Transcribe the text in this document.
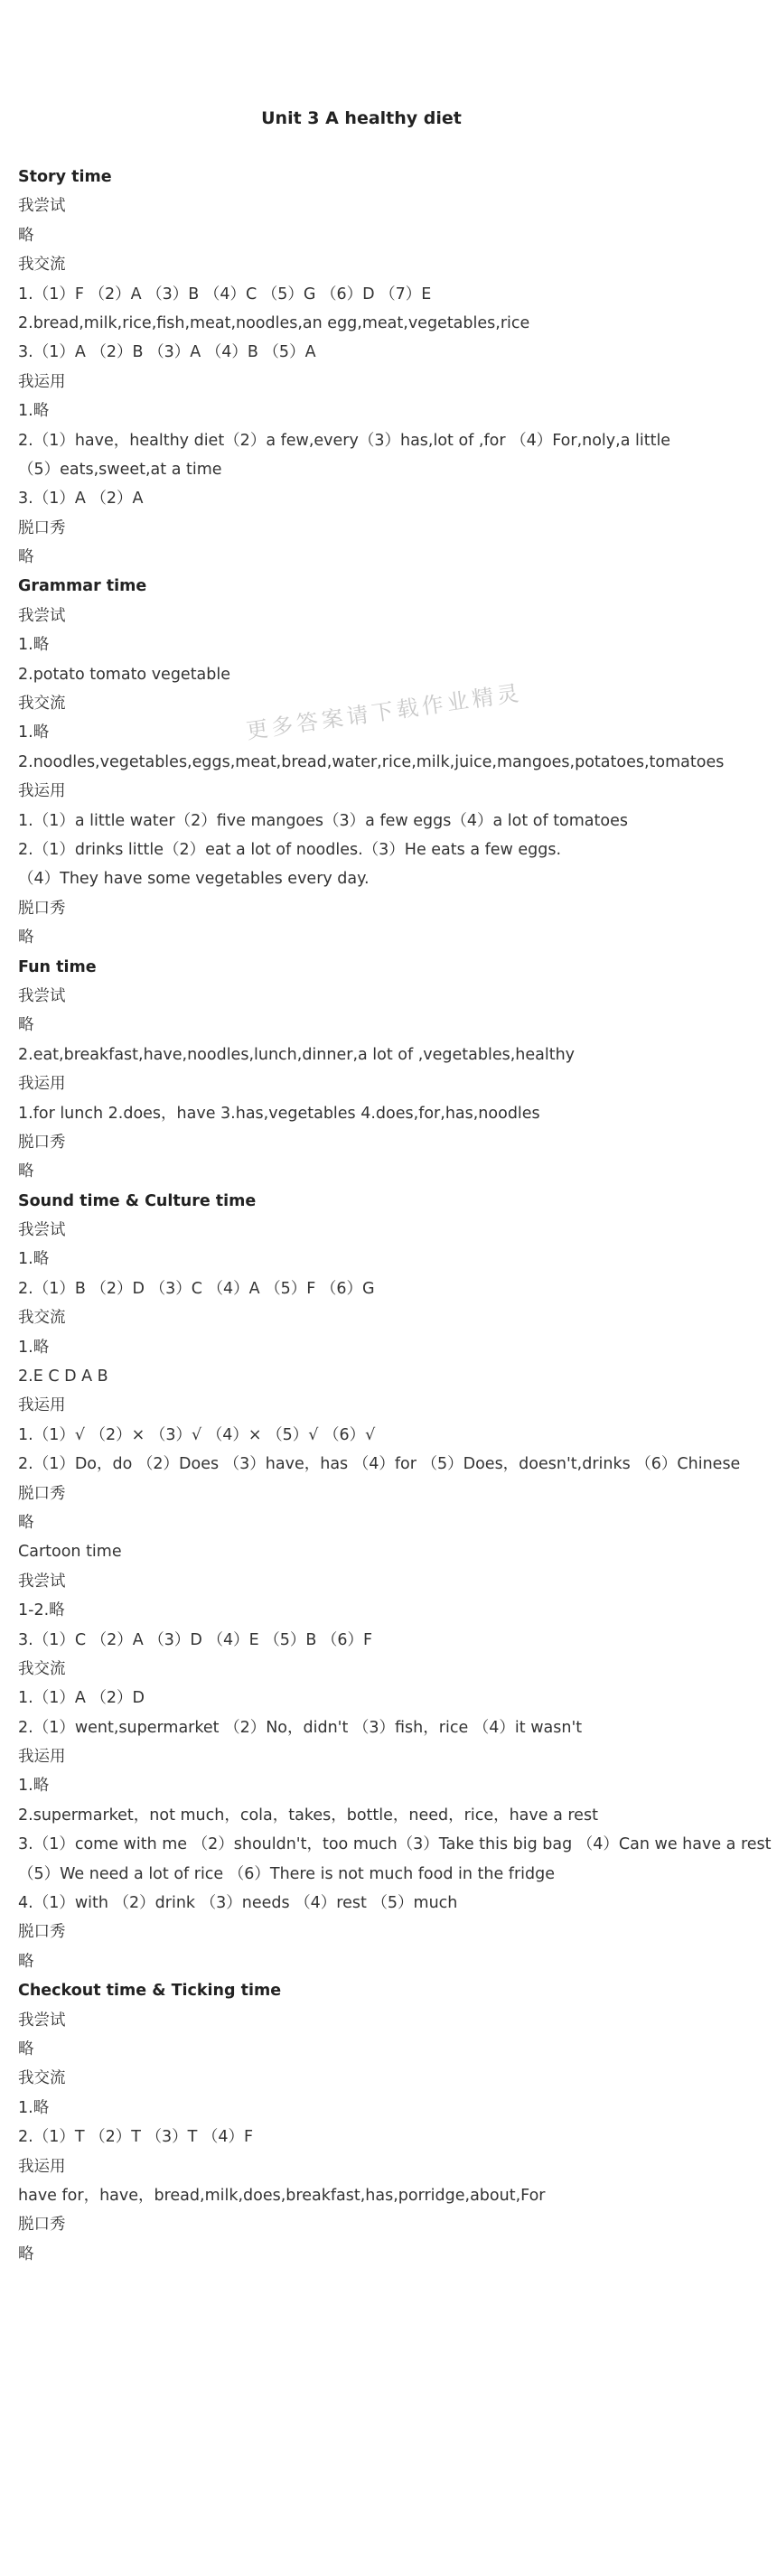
Unit 3 A healthy diet
更多答案请下载作业精灵
Story time
我尝试
略
我交流
1.（1）F （2）A （3）B （4）C （5）G （6）D （7）E
2.bread,milk,rice,fish,meat,noodles,an egg,meat,vegetables,rice
3.（1）A （2）B （3）A （4）B （5）A
我运用
1.略
2.（1）have，healthy diet（2）a few,every（3）has,lot of ,for （4）For,noly,a little
（5）eats,sweet,at a time
3.（1）A （2）A
脱口秀
略
Grammar time
我尝试
1.略
2.potato tomato vegetable
我交流
1.略
2.noodles,vegetables,eggs,meat,bread,water,rice,milk,juice,mangoes,potatoes,tomatoes
我运用
1.（1）a little water（2）five mangoes（3）a few eggs（4）a lot of tomatoes
2.（1）drinks little（2）eat a lot of noodles.（3）He eats a few eggs.
（4）They have some vegetables every day.
脱口秀
略
Fun time
我尝试
略
2.eat,breakfast,have,noodles,lunch,dinner,a lot of ,vegetables,healthy
我运用
1.for lunch 2.does，have 3.has,vegetables 4.does,for,has,noodles
脱口秀
略
Sound time & Culture time
我尝试
1.略
2.（1）B （2）D （3）C （4）A （5）F （6）G
我交流
1.略
2.E C D A B
我运用
1.（1）√ （2）× （3）√ （4）× （5）√ （6）√
2.（1）Do，do （2）Does （3）have，has （4）for （5）Does，doesn't,drinks （6）Chinese
脱口秀
略
Cartoon time
我尝试
1-2.略
3.（1）C （2）A （3）D （4）E （5）B （6）F
我交流
1.（1）A （2）D
2.（1）went,supermarket （2）No，didn't （3）fish，rice （4）it wasn't
我运用
1.略
2.supermarket，not much，cola，takes，bottle，need，rice，have a rest
3.（1）come with me （2）shouldn't，too much（3）Take this big bag （4）Can we have a rest
（5）We need a lot of rice （6）There is not much food in the fridge
4.（1）with （2）drink （3）needs （4）rest （5）much
脱口秀
略
Checkout time & Ticking time
我尝试
略
我交流
1.略
2.（1）T （2）T （3）T （4）F
我运用
have for，have，bread,milk,does,breakfast,has,porridge,about,For
脱口秀
略
